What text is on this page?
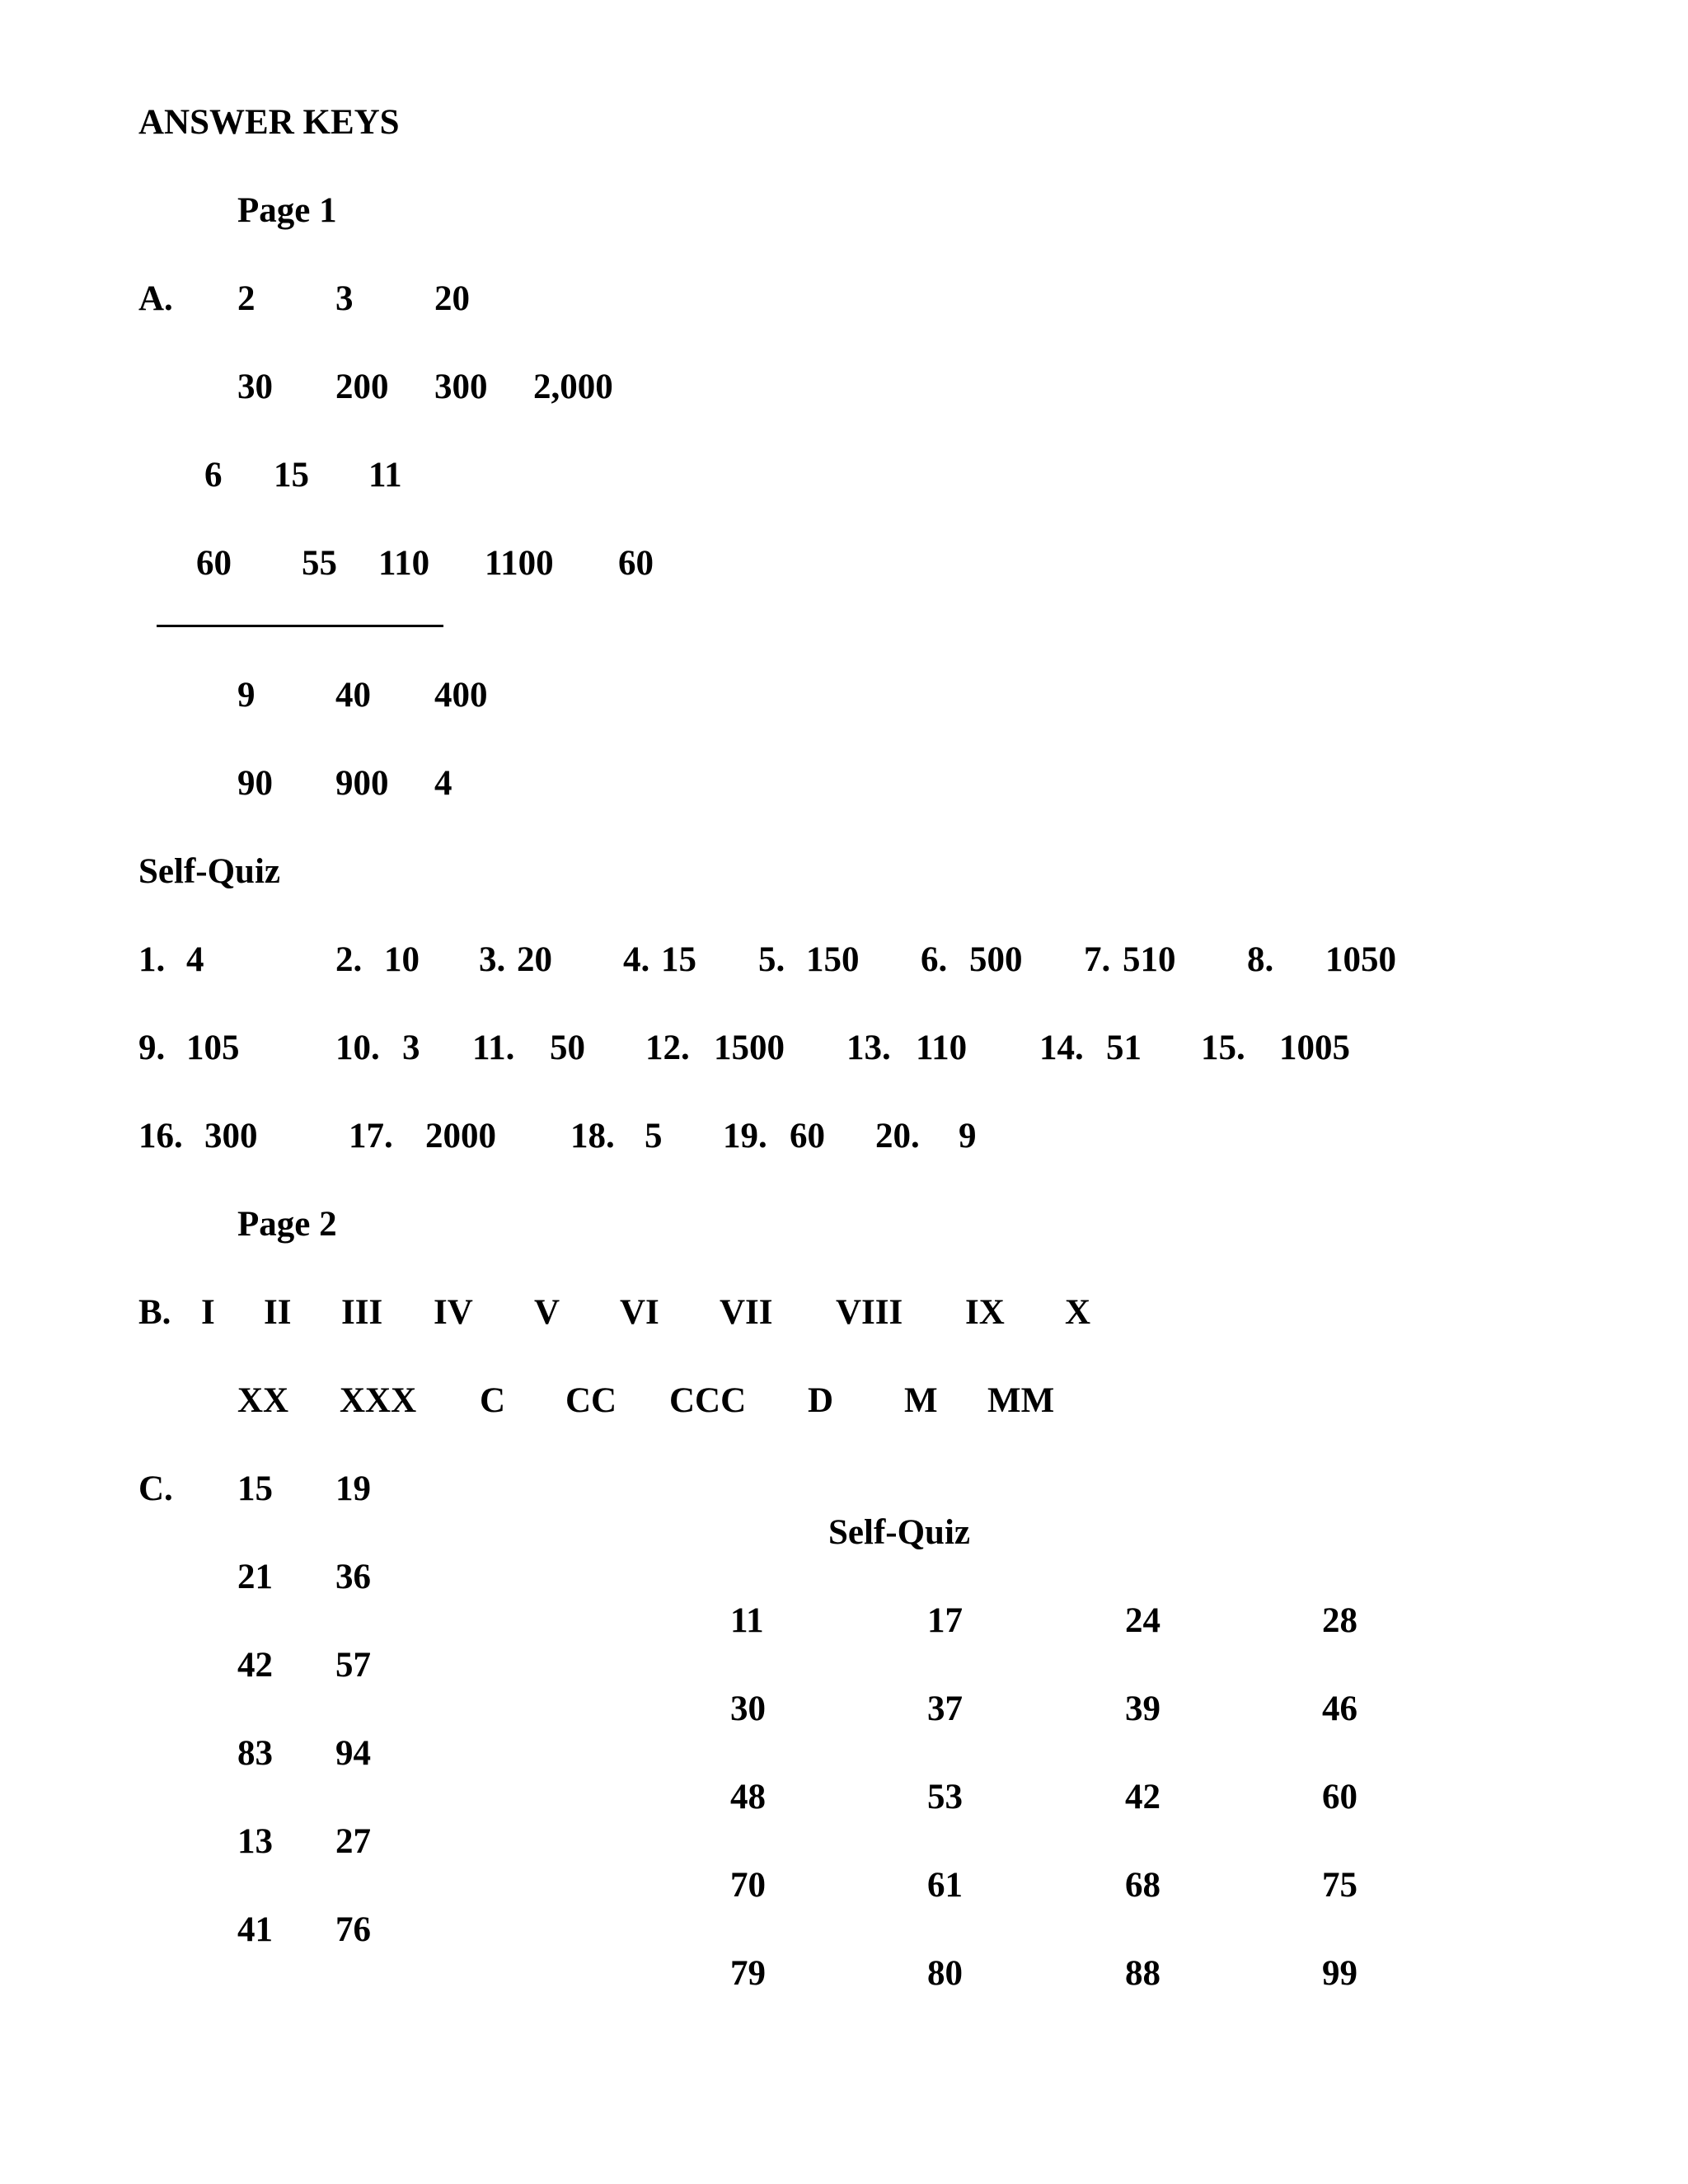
ANSWER KEYS
Page 1
A. 2 3 20
30 200 300 2,000
6 15 11
60 55 110 1100 60
9 40 400
90 900 4
Self-Quiz
1. 4	2. 10 3. 20 4. 15 5. 150 6. 500 7. 510 8. 1050
9. 105	10. 3 11. 50 12. 1500 13. 110 14. 51 15. 1005
16. 300	17. 2000 18. 5 19. 60 20. 9
Page 2
B. I II III IV V VI VII VIII IX X
XX XXX C CC CCC D M MM
C. 15 19
21 36
42 57
83 94
13 27
41 76
Self-Quiz
11	17	24	28
30	37	39	46
48	53	42	60
70	61	68	75
79	80	88	99
